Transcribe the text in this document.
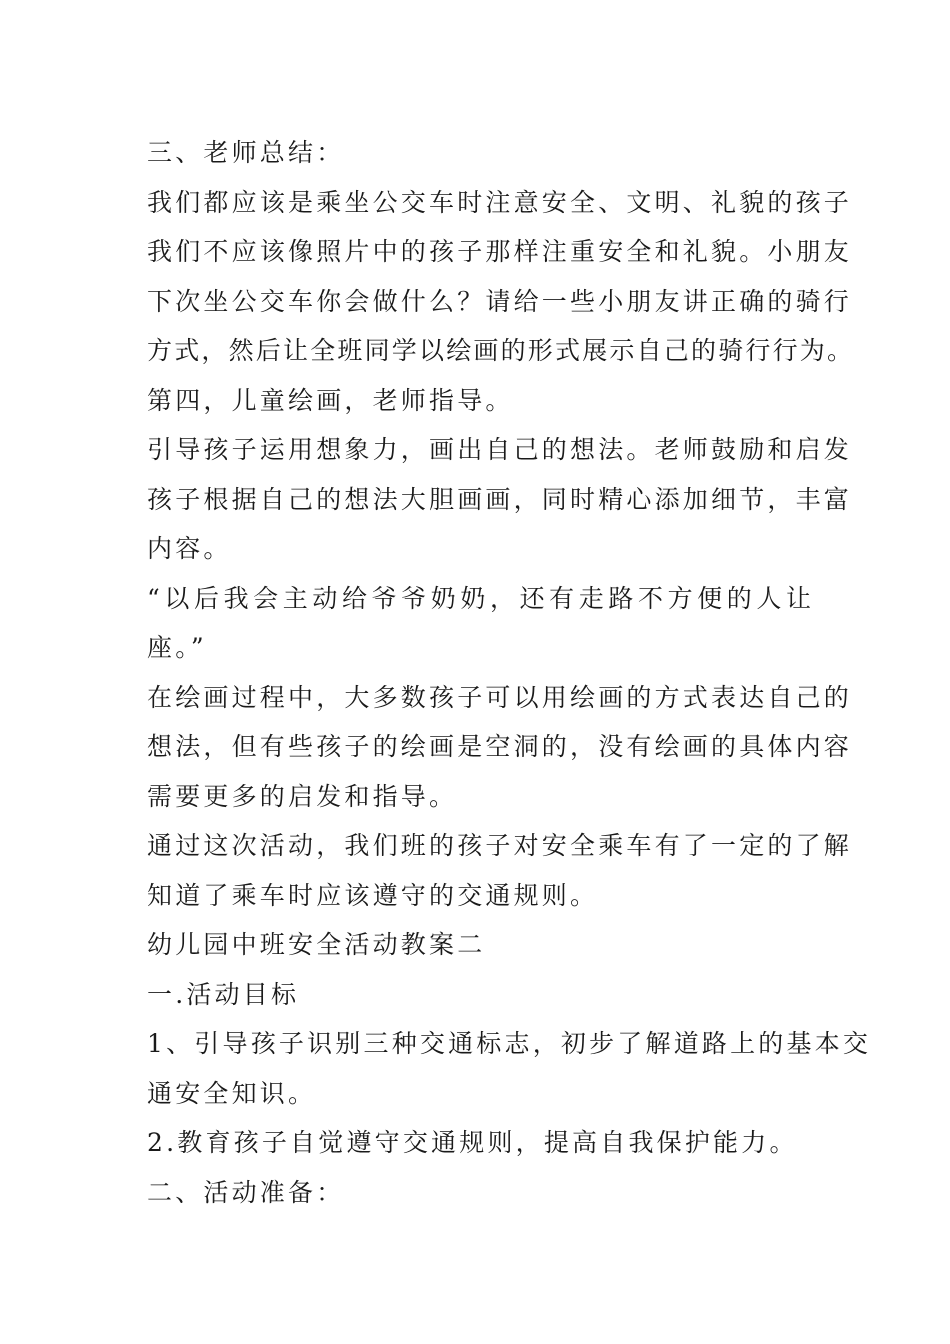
三、老师总结：
我们都应该是乘坐公交车时注意安全、文明、礼貌的孩子
我们不应该像照片中的孩子那样注重安全和礼貌。小朋友
下次坐公交车你会做什么？请给一些小朋友讲正确的骑行
方式，然后让全班同学以绘画的形式展示自己的骑行行为。
第四，儿童绘画，老师指导。
引导孩子运用想象力，画出自己的想法。老师鼓励和启发
孩子根据自己的想法大胆画画，同时精心添加细节，丰富
内容。
“以后我会主动给爷爷奶奶，还有走路不方便的人让
座。”
在绘画过程中，大多数孩子可以用绘画的方式表达自己的
想法，但有些孩子的绘画是空洞的，没有绘画的具体内容
需要更多的启发和指导。
通过这次活动，我们班的孩子对安全乘车有了一定的了解
知道了乘车时应该遵守的交通规则。
幼儿园中班安全活动教案二
一.活动目标
1、引导孩子识别三种交通标志，初步了解道路上的基本交
通安全知识。
2.教育孩子自觉遵守交通规则，提高自我保护能力。
二、活动准备：
